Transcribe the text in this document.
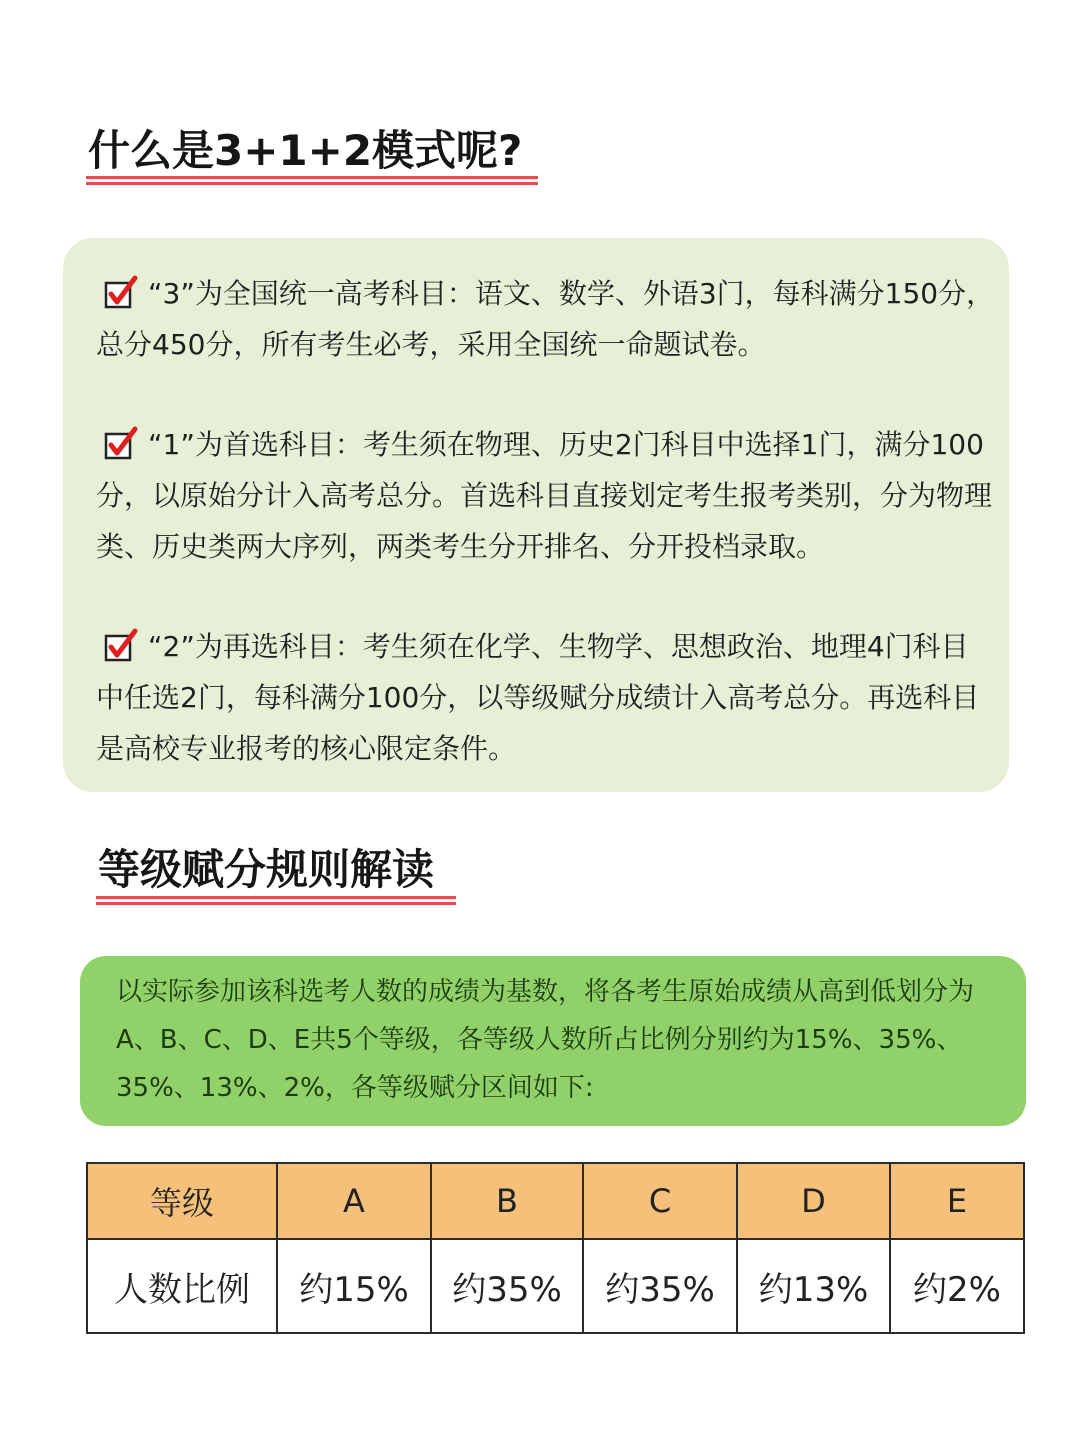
什么是3+1+2模式呢?

“3”为全国统一高考科目：语文、数学、外语3门，每科满分150分，总分450分，所有考生必考，采用全国统一命题试卷。

“1”为首选科目：考生须在物理、历史2门科目中选择1门，满分100分，以原始分计入高考总分。首选科目直接划定考生报考类别，分为物理类、历史类两大序列，两类考生分开排名、分开投档录取。

“2”为再选科目：考生须在化学、生物学、思想政治、地理4门科目中任选2门，每科满分100分，以等级赋分成绩计入高考总分。再选科目是高校专业报考的核心限定条件。

等级赋分规则解读

以实际参加该科选考人数的成绩为基数，将各考生原始成绩从高到低划分为A、B、C、D、E共5个等级，各等级人数所占比例分别约为15%、35%、35%、13%、2%，各等级赋分区间如下:

等级	A	B	C	D	E
人数比例	约15%	约35%	约35%	约13%	约2%
